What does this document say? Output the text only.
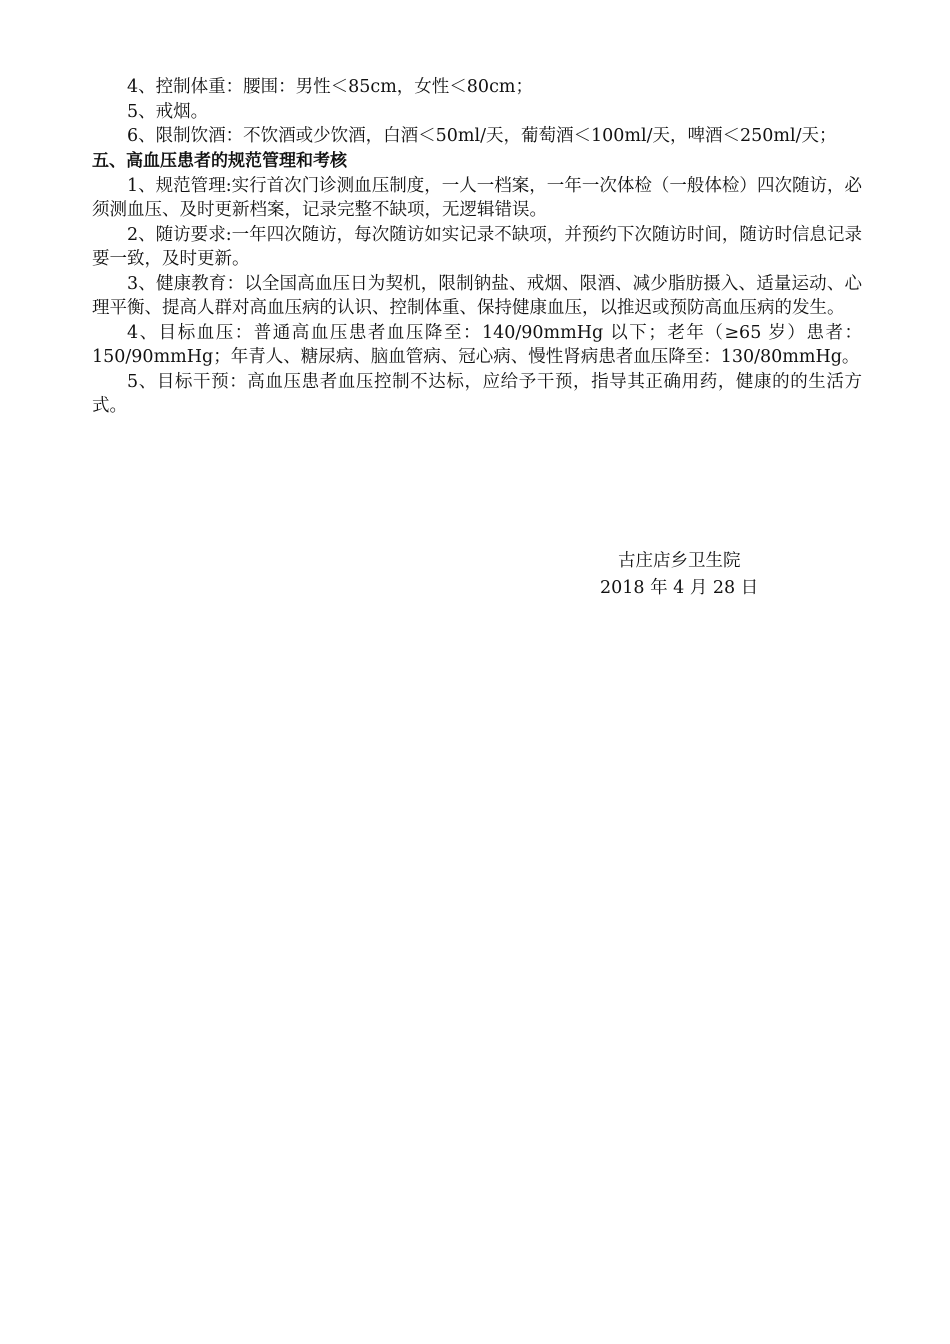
4、控制体重：腰围：男性＜85cm，女性＜80cm；

5、戒烟。

6、限制饮酒：不饮酒或少饮酒，白酒＜50ml/天，葡萄酒＜100ml/天，啤酒＜250ml/天；

五、高血压患者的规范管理和考核

1、规范管理:实行首次门诊测血压制度，一人一档案，一年一次体检（一般体检）四次随访，必须测血压、及时更新档案，记录完整不缺项，无逻辑错误。

2、随访要求:一年四次随访，每次随访如实记录不缺项，并预约下次随访时间，随访时信息记录要一致，及时更新。

3、健康教育：以全国高血压日为契机，限制钠盐、戒烟、限酒、减少脂肪摄入、适量运动、心理平衡、提高人群对高血压病的认识、控制体重、保持健康血压，以推迟或预防高血压病的发生。

4、目标血压：普通高血压患者血压降至：140/90mmHg 以下；老年（≥65 岁）患者：150/90mmHg；年青人、糖尿病、脑血管病、冠心病、慢性肾病患者血压降至：130/80mmHg。

5、目标干预：高血压患者血压控制不达标，应给予干预，指导其正确用药，健康的的生活方式。

古庄店乡卫生院
2018 年 4 月 28 日
